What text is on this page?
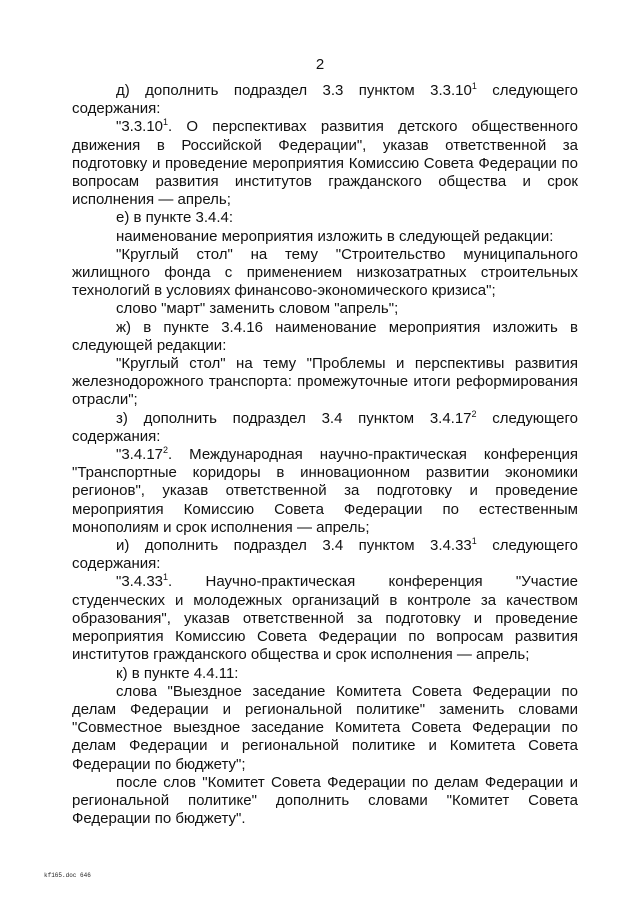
2

д) дополнить подраздел 3.3 пунктом 3.3.10$^1$ следующего содержания:

"3.3.10$^1$. О перспективах развития детского общественного движения в Российской Федерации", указав ответственной за подготовку и проведение мероприятия Комиссию Совета Федерации по вопросам развития институтов гражданского общества и срок исполнения — апрель;

е) в пункте 3.4.4:

наименование мероприятия изложить в следующей редакции:

"Круглый стол" на тему "Строительство муниципального жилищного фонда с применением низкозатратных строительных технологий в условиях финансово-экономического кризиса";

слово "март" заменить словом "апрель";

ж) в пункте 3.4.16 наименование мероприятия изложить в следующей редакции:

"Круглый стол" на тему "Проблемы и перспективы развития железнодорожного транспорта: промежуточные итоги реформирования отрасли";

з) дополнить подраздел 3.4 пунктом 3.4.17$^2$ следующего содержания:

"3.4.17$^2$. Международная научно-практическая конференция "Транспортные коридоры в инновационном развитии экономики регионов", указав ответственной за подготовку и проведение мероприятия Комиссию Совета Федерации по естественным монополиям и срок исполнения — апрель;

и) дополнить подраздел 3.4 пунктом 3.4.33$^1$ следующего содержания:

"3.4.33$^1$. Научно-практическая конференция "Участие студенческих и молодежных организаций в контроле за качеством образования", указав ответственной за подготовку и проведение мероприятия Комиссию Совета Федерации по вопросам развития институтов гражданского общества и срок исполнения — апрель;

к) в пункте 4.4.11:

слова "Выездное заседание Комитета Совета Федерации по делам Федерации и региональной политике" заменить словами "Совместное выездное заседание Комитета Совета Федерации по делам Федерации и региональной политике и Комитета Совета Федерации по бюджету";

после слов "Комитет Совета Федерации по делам Федерации и региональной политике" дополнить словами "Комитет Совета Федерации по бюджету".

kf165.doc 646
